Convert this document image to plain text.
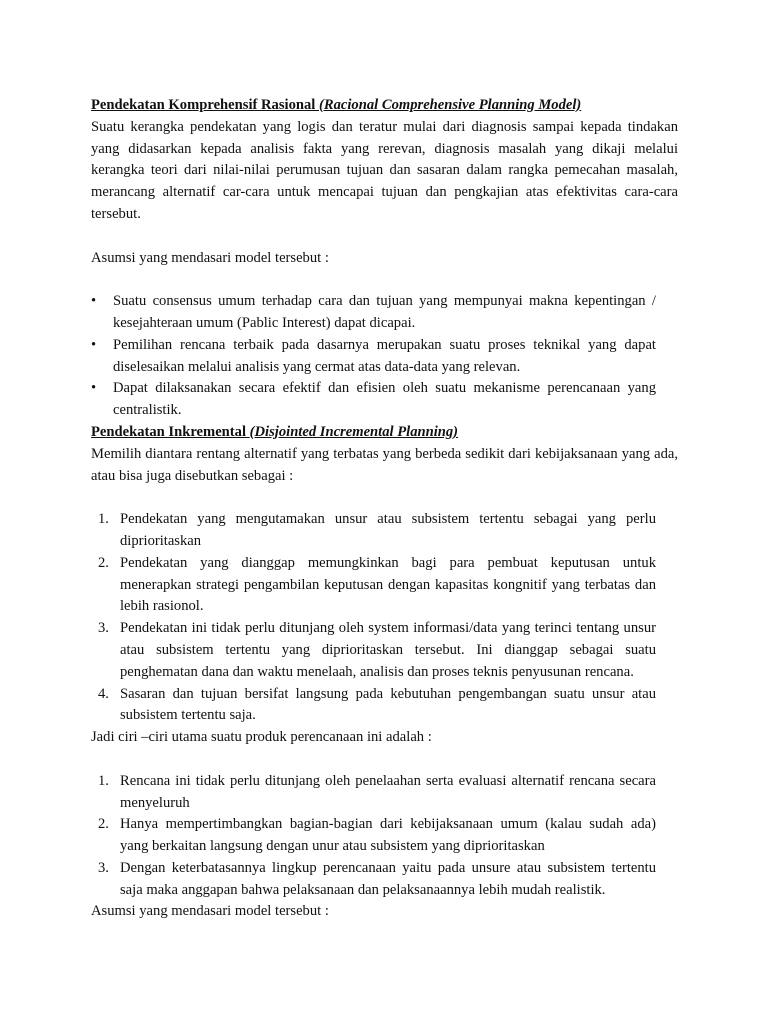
Pendekatan Komprehensif Rasional (Racional Comprehensive Planning Model)

Suatu kerangka pendekatan yang logis dan teratur mulai dari diagnosis sampai kepada tindakan yang didasarkan kepada analisis fakta yang rerevan, diagnosis masalah yang dikaji melalui kerangka teori dari nilai-nilai perumusan tujuan dan sasaran dalam rangka pemecahan masalah, merancang alternatif car-cara untuk mencapai tujuan dan pengkajian atas efektivitas cara-cara tersebut.

Asumsi yang mendasari model tersebut :

• Suatu consensus umum terhadap cara dan tujuan yang mempunyai makna kepentingan / kesejahteraan umum (Pablic Interest) dapat dicapai.
• Pemilihan rencana terbaik pada dasarnya merupakan suatu proses teknikal yang dapat diselesaikan melalui analisis yang cermat atas data-data yang relevan.
• Dapat dilaksanakan secara efektif dan efisien oleh suatu mekanisme perencanaan yang centralistik.
Pendekatan Inkremental (Disjointed Incremental Planning)

Memilih diantara rentang alternatif yang terbatas yang berbeda sedikit dari kebijaksanaan yang ada, atau bisa juga disebutkan sebagai :

1. Pendekatan yang mengutamakan unsur atau subsistem tertentu sebagai yang perlu diprioritaskan
2. Pendekatan yang dianggap memungkinkan bagi para pembuat keputusan untuk menerapkan strategi pengambilan keputusan dengan kapasitas kongnitif yang terbatas dan lebih rasionol.
3. Pendekatan ini tidak perlu ditunjang oleh system informasi/data yang terinci tentang unsur atau subsistem tertentu yang diprioritaskan tersebut. Ini dianggap sebagai suatu penghematan dana dan waktu menelaah, analisis dan proses teknis penyusunan rencana.
4. Sasaran dan tujuan bersifat langsung pada kebutuhan pengembangan suatu unsur atau subsistem tertentu saja.

Jadi ciri –ciri utama suatu produk perencanaan ini adalah :

1. Rencana ini tidak perlu ditunjang oleh penelaahan serta evaluasi alternatif rencana secara menyeluruh
2. Hanya mempertimbangkan bagian-bagian dari kebijaksanaan umum (kalau sudah ada) yang berkaitan langsung dengan unur atau subsistem yang diprioritaskan
3. Dengan keterbatasannya lingkup perencanaan yaitu pada unsure atau subsistem tertentu saja maka anggapan bahwa pelaksanaan dan pelaksanaannya lebih mudah realistik.

Asumsi yang mendasari model tersebut :
